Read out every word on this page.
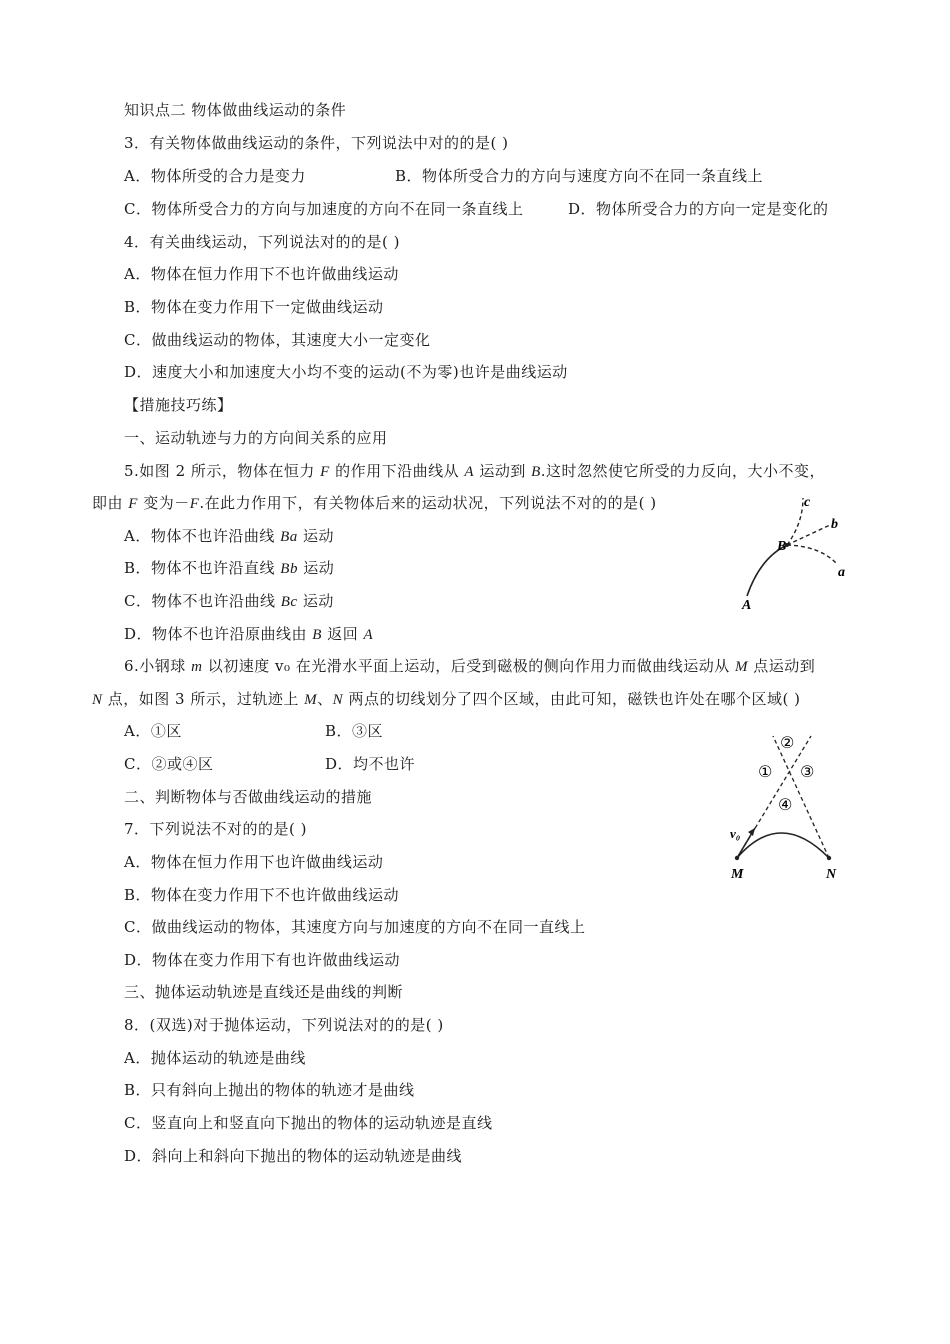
知识点二 物体做曲线运动的条件
3．有关物体做曲线运动的条件，下列说法中对的的是( )
A．物体所受的合力是变力	B．物体所受合力的方向与速度方向不在同一条直线上
C．物体所受合力的方向与加速度的方向不在同一条直线上	D．物体所受合力的方向一定是变化的
4．有关曲线运动，下列说法对的的是( )
A．物体在恒力作用下不也许做曲线运动
B．物体在变力作用下一定做曲线运动
C．做曲线运动的物体，其速度大小一定变化
D．速度大小和加速度大小均不变的运动(不为零)也许是曲线运动
【措施技巧练】
一、运动轨迹与力的方向间关系的应用
5.如图 2 所示，物体在恒力 F 的作用下沿曲线从 A 运动到 B.这时忽然使它所受的力反向，大小不变，
即由 F 变为－F.在此力作用下，有关物体后来的运动状况，下列说法不对的的是( )
A．物体不也许沿曲线 Ba 运动
B．物体不也许沿直线 Bb 运动
C．物体不也许沿曲线 Bc 运动
D．物体不也许沿原曲线由 B 返回 A
c
b
a
B
A
6.小钢球 m 以初速度 v₀ 在光滑水平面上运动，后受到磁极的侧向作用力而做曲线运动从 M 点运动到
N 点，如图 3 所示，过轨迹上 M、N 两点的切线划分了四个区域，由此可知，磁铁也许处在哪个区域( )
A．①区	B．③区
C．②或④区	D．均不也许
②
① ③
④
v₀
M	N
二、判断物体与否做曲线运动的措施
7．下列说法不对的的是( )
A．物体在恒力作用下也许做曲线运动
B．物体在变力作用下不也许做曲线运动
C．做曲线运动的物体，其速度方向与加速度的方向不在同一直线上
D．物体在变力作用下有也许做曲线运动
三、抛体运动轨迹是直线还是曲线的判断
8．(双选)对于抛体运动，下列说法对的的是( )
A．抛体运动的轨迹是曲线
B．只有斜向上抛出的物体的轨迹才是曲线
C．竖直向上和竖直向下抛出的物体的运动轨迹是直线
D．斜向上和斜向下抛出的物体的运动轨迹是曲线
